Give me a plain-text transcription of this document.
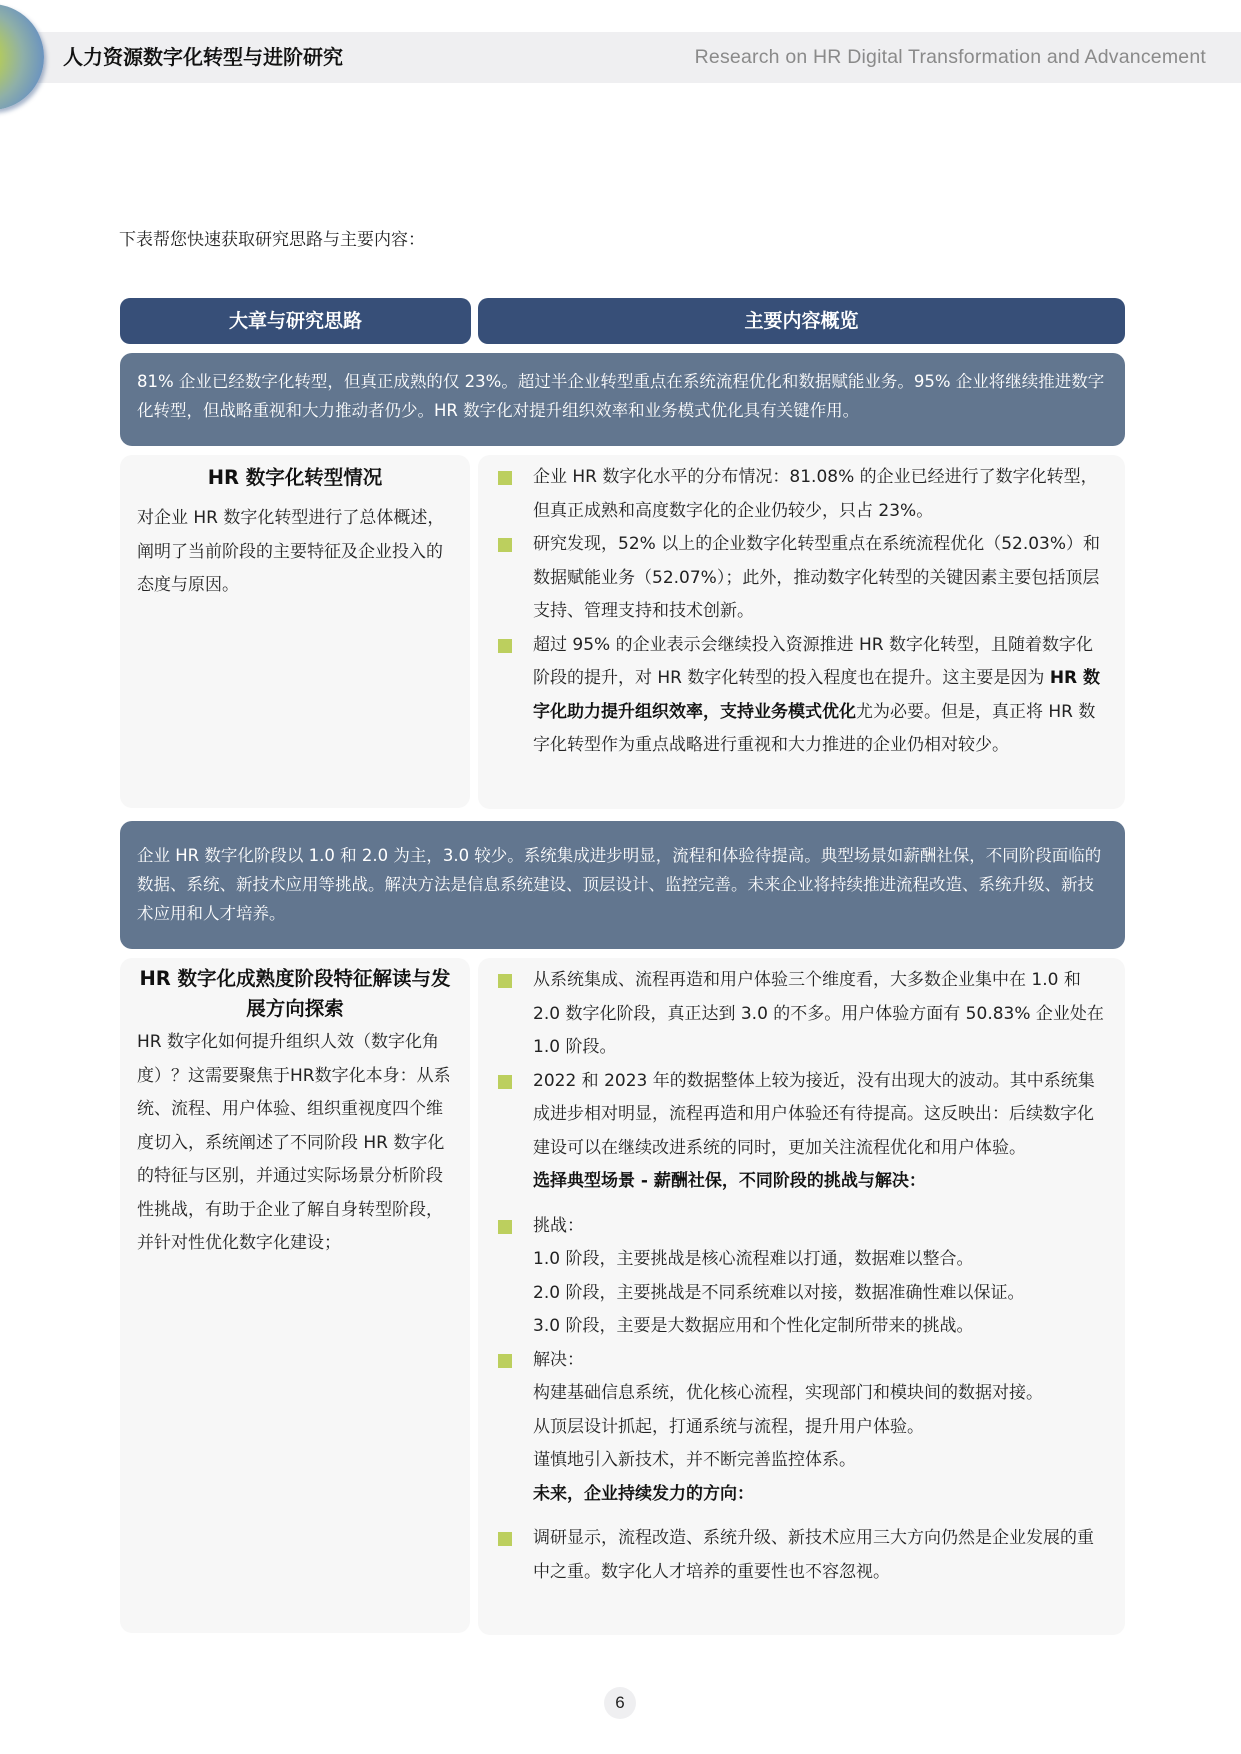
人力资源数字化转型与进阶研究	Research on HR Digital Transformation and Advancement
下表帮您快速获取研究思路与主要内容：
大章与研究思路	主要内容概览
81% 企业已经数字化转型，但真正成熟的仅 23%。超过半企业转型重点在系统流程优化和数据赋能业务。95% 企业将继续推进数字化转型，但战略重视和大力推动者仍少。HR 数字化对提升组织效率和业务模式优化具有关键作用。
HR 数字化转型情况
对企业 HR 数字化转型进行了总体概述，阐明了当前阶段的主要特征及企业投入的态度与原因。
企业 HR 数字化水平的分布情况：81.08% 的企业已经进行了数字化转型，但真正成熟和高度数字化的企业仍较少，只占 23%。
研究发现，52% 以上的企业数字化转型重点在系统流程优化（52.03%）和数据赋能业务（52.07%）；此外，推动数字化转型的关键因素主要包括顶层支持、管理支持和技术创新。
超过 95% 的企业表示会继续投入资源推进 HR 数字化转型，且随着数字化阶段的提升，对 HR 数字化转型的投入程度也在提升。这主要是因为 HR 数字化助力提升组织效率，支持业务模式优化尤为必要。但是，真正将 HR 数字化转型作为重点战略进行重视和大力推进的企业仍相对较少。
企业 HR 数字化阶段以 1.0 和 2.0 为主，3.0 较少。系统集成进步明显，流程和体验待提高。典型场景如薪酬社保，不同阶段面临的数据、系统、新技术应用等挑战。解决方法是信息系统建设、顶层设计、监控完善。未来企业将持续推进流程改造、系统升级、新技术应用和人才培养。
HR 数字化成熟度阶段特征解读与发展方向探索
HR 数字化如何提升组织人效（数字化角度）？这需要聚焦于HR数字化本身：从系统、流程、用户体验、组织重视度四个维度切入，系统阐述了不同阶段 HR 数字化的特征与区别，并通过实际场景分析阶段性挑战，有助于企业了解自身转型阶段，并针对性优化数字化建设；
从系统集成、流程再造和用户体验三个维度看，大多数企业集中在 1.0 和 2.0 数字化阶段，真正达到 3.0 的不多。用户体验方面有 50.83% 企业处在 1.0 阶段。
2022 和 2023 年的数据整体上较为接近，没有出现大的波动。其中系统集成进步相对明显，流程再造和用户体验还有待提高。这反映出：后续数字化建设可以在继续改进系统的同时，更加关注流程优化和用户体验。
选择典型场景 - 薪酬社保，不同阶段的挑战与解决：
挑战：
1.0 阶段，主要挑战是核心流程难以打通，数据难以整合。
2.0 阶段，主要挑战是不同系统难以对接，数据准确性难以保证。
3.0 阶段，主要是大数据应用和个性化定制所带来的挑战。
解决：
构建基础信息系统，优化核心流程，实现部门和模块间的数据对接。
从顶层设计抓起，打通系统与流程，提升用户体验。
谨慎地引入新技术，并不断完善监控体系。
未来，企业持续发力的方向：
调研显示，流程改造、系统升级、新技术应用三大方向仍然是企业发展的重中之重。数字化人才培养的重要性也不容忽视。
6
